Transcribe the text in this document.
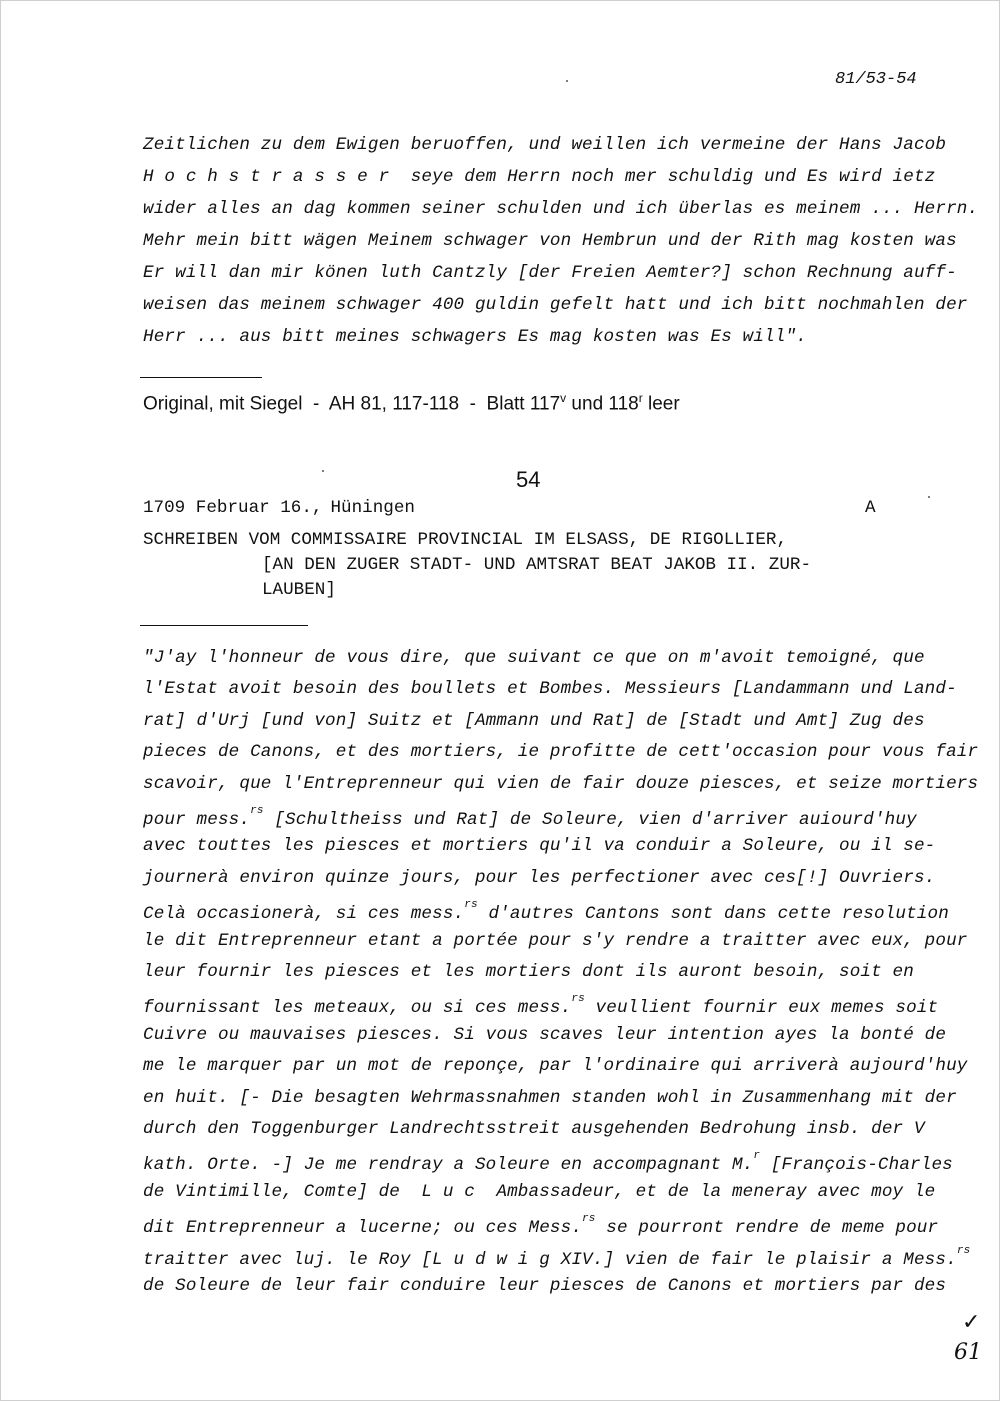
81/53-54
Zeitlichen zu dem Ewigen beruoffen, und weillen ich vermeine der Hans Jacob
H o c h s t r a s s e r  seye dem Herrn noch mer schuldig und Es wird ietz
wider alles an dag kommen seiner schulden und ich überlas es meinem ... Herrn.
Mehr mein bitt wägen Meinem schwager von Hembrun und der Rith mag kosten was
Er will dan mir könen luth Cantzly [der Freien Aemter?] schon Rechnung auff-
weisen das meinem schwager 400 guldin gefelt hatt und ich bitt nochmahlen der
Herr ... aus bitt meines schwagers Es mag kosten was Es will".
Original, mit Siegel  -  AH 81, 117-118  -  Blatt 117$^v$ und 118$^r$ leer
54
1709 Februar 16., Hüningen	A
SCHREIBEN VOM COMMISSAIRE PROVINCIAL IM ELSASS, DE RIGOLLIER,
[AN DEN ZUGER STADT- UND AMTSRAT BEAT JAKOB II. ZUR-
LAUBEN]
"J'ay l'honneur de vous dire, que suivant ce que on m'avoit temoigné, que
l'Estat avoit besoin des boullets et Bombes. Messieurs [Landammann und Land-
rat] d'Urj [und von] Suitz et [Ammann und Rat] de [Stadt und Amt] Zug des
pieces de Canons, et des mortiers, ie profitte de cett'occasion pour vous fair
scavoir, que l'Entreprenneur qui vien de fair douze piesces, et seize mortiers
pour mess.$^{rs}$ [Schultheiss und Rat] de Soleure, vien d'arriver auiourd'huy
avec touttes les piesces et mortiers qu'il va conduir a Soleure, ou il se-
journerà environ quinze jours, pour les perfectioner avec ces[!] Ouvriers.
Celà occasionerà, si ces mess.$^{rs}$ d'autres Cantons sont dans cette resolution
le dit Entreprenneur etant a portée pour s'y rendre a traitter avec eux, pour
leur fournir les piesces et les mortiers dont ils auront besoin, soit en
fournissant les meteaux, ou si ces mess.$^{rs}$ veullient fournir eux memes soit
Cuivre ou mauvaises piesces. Si vous scaves leur intention ayes la bonté de
me le marquer par un mot de reponçe, par l'ordinaire qui arriverà aujourd'huy
en huit. [- Die besagten Wehrmassnahmen standen wohl in Zusammenhang mit der
durch den Toggenburger Landrechtsstreit ausgehenden Bedrohung insb. der V
kath. Orte. -] Je me rendray a Soleure en accompagnant M.$^r$ [François-Charles
de Vintimille, Comte] de  L u c  Ambassadeur, et de la meneray avec moy le
dit Entreprenneur a lucerne; ou ces Mess.$^{rs}$ se pourront rendre de meme pour
traitter avec luj. le Roy [L u d w i g XIV.] vien de fair le plaisir a Mess.$^{rs}$
de Soleure de leur fair conduire leur piesces de Canons et mortiers par des
✓
61
